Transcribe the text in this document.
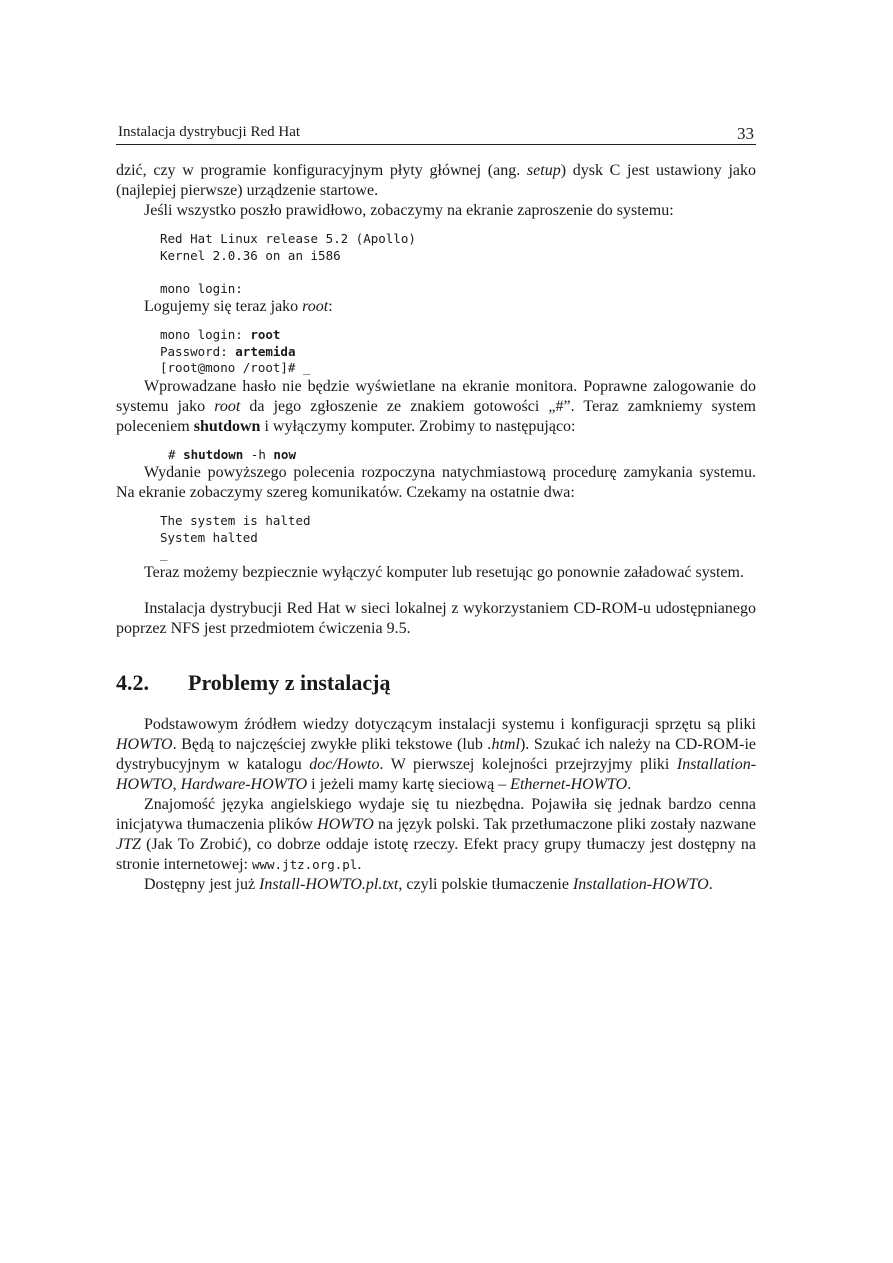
Instalacja dystrybucji Red Hat	33

dzić, czy w programie konfiguracyjnym płyty głównej (ang. setup) dysk C jest ustawiony jako (najlepiej pierwsze) urządzenie startowe.

Jeśli wszystko poszło prawidłowo, zobaczymy na ekranie zaproszenie do systemu:

Red Hat Linux release 5.2 (Apollo)
Kernel 2.0.36 on an i586

mono login:

Logujemy się teraz jako root:

mono login: root
Password: artemida
[root@mono /root]# _

Wprowadzane hasło nie będzie wyświetlane na ekranie monitora. Poprawne zalogowanie do systemu jako root da jego zgłoszenie ze znakiem gotowości „#”. Teraz zamkniemy system poleceniem shutdown i wyłączymy komputer. Zrobimy to następująco:

# shutdown -h now

Wydanie powyższego polecenia rozpoczyna natychmiastową procedurę zamykania systemu. Na ekranie zobaczymy szereg komunikatów. Czekamy na ostatnie dwa:

The system is halted
System halted
_

Teraz możemy bezpiecznie wyłączyć komputer lub resetując go ponownie załadować system.

Instalacja dystrybucji Red Hat w sieci lokalnej z wykorzystaniem CD-ROM-u udostępnianego poprzez NFS jest przedmiotem ćwiczenia 9.5.

4.2. Problemy z instalacją

Podstawowym źródłem wiedzy dotyczącym instalacji systemu i konfiguracji sprzętu są pliki HOWTO. Będą to najczęściej zwykłe pliki tekstowe (lub .html). Szukać ich należy na CD-ROM-ie dystrybucyjnym w katalogu doc/Howto. W pierwszej kolejności przejrzyjmy pliki Installation-HOWTO, Hardware-HOWTO i jeżeli mamy kartę sieciową – Ethernet-HOWTO.

Znajomość języka angielskiego wydaje się tu niezbędna. Pojawiła się jednak bardzo cenna inicjatywa tłumaczenia plików HOWTO na język polski. Tak przetłumaczone pliki zostały nazwane JTZ (Jak To Zrobić), co dobrze oddaje istotę rzeczy. Efekt pracy grupy tłumaczy jest dostępny na stronie internetowej: www.jtz.org.pl.

Dostępny jest już Install-HOWTO.pl.txt, czyli polskie tłumaczenie Installation-HOWTO.
